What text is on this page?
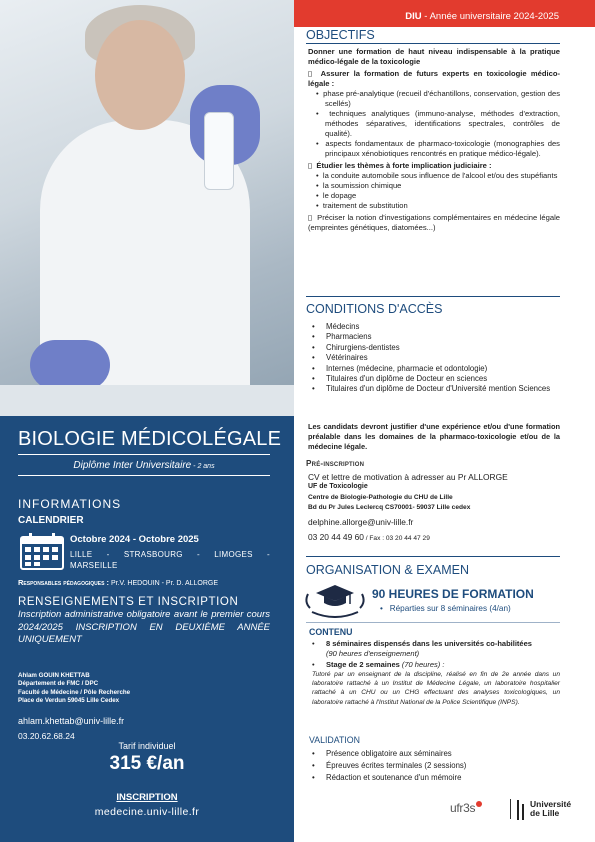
BIOLOGIE MÉDICOLÉGALE
Diplôme Inter Universitaire - 2 ans
INFORMATIONS
CALENDRIER
Octobre 2024 - Octobre 2025
LILLE - STRASBOURG - LIMOGES -
MARSEILLE
Responsables pédagogiques : Pr.V. HEDOUIN - Pr. D. ALLORGE
RENSEIGNEMENTS ET INSCRIPTION
Inscription administrative obligatoire avant le premier cours 2024/2025 INSCRIPTION EN DEUXIÈME ANNÉE UNIQUEMENT
Ahlam GOUIN KHETTAB
Département de FMC / DPC
Faculté de Médecine / Pôle Recherche
Place de Verdun 59045 Lille Cedex
ahlam.khettab@univ-lille.fr
03.20.62.68.24
Tarif individuel
315 €/an
INSCRIPTION
medecine.univ-lille.fr
DIU - Année universitaire 2024-2025
OBJECTIFS
Donner une formation de haut niveau indispensable à la pratique médico-légale de la toxicologie
▯ Assurer la formation de futurs experts en toxicologie médico-légale :
•  phase pré-analytique (recueil d'échantillons, conservation, gestion des scellés)
•  techniques analytiques (immuno-analyse, méthodes d'extraction, méthodes séparatives, identifications spectrales, contrôles de qualité).
•  aspects fondamentaux de pharmaco-toxicologie (monographies des principaux xénobiotiques rencontrés en pratique médico-légale).
▯ Étudier les thèmes à forte implication judiciaire :
•  la conduite automobile sous influence de l'alcool et/ou des stupéfiants
•  la soumission chimique
•  le dopage
•  traitement de substitution
▯ Préciser la notion d'investigations complémentaires en médecine légale (empreintes génétiques, diatomées...)
CONDITIONS D'ACCÈS
• Médecins
• Pharmaciens
• Chirurgiens-dentistes
• Vétérinaires
• Internes (médecine, pharmacie et odontologie)
• Titulaires d'un diplôme de Docteur en sciences
• Titulaires d'un diplôme de Docteur d'Université mention Sciences
Les candidats devront justifier d'une expérience et/ou d'une formation préalable dans les domaines de la pharmaco-toxicologie et/ou de la médecine légale.
Pré-inscription
CV et lettre de motivation à adresser au Pr ALLORGE
UF de Toxicologie
Centre de Biologie-Pathologie du CHU de Lille
Bd du Pr Jules Leclercq CS70001- 59037 Lille cedex
delphine.allorge@univ-lille.fr
03 20 44 49 60 / Fax : 03 20 44 47 29
ORGANISATION & EXAMEN
90 HEURES DE FORMATION
•   Réparties sur 8 séminaires (4/an)
CONTENU
• 8 séminaires dispensés dans les universités co-habilitées
(90 heures d'enseignement)
• Stage de 2 semaines (70 heures) :
Tutoré par un enseignant de la discipline, réalisé en fin de 2e année dans un laboratoire rattaché à un Institut de Médecine Légale, un laboratoire hospitalier rattaché à un CHU ou un CHG effectuant des analyses toxicologiques, un laboratoire rattaché à l'Institut National de la Police Scientifique (INPS).
VALIDATION
• Présence obligatoire aux séminaires
• Épreuves écrites terminales (2 sessions)
• Rédaction et soutenance d'un mémoire
ufr3s	Université
de Lille
